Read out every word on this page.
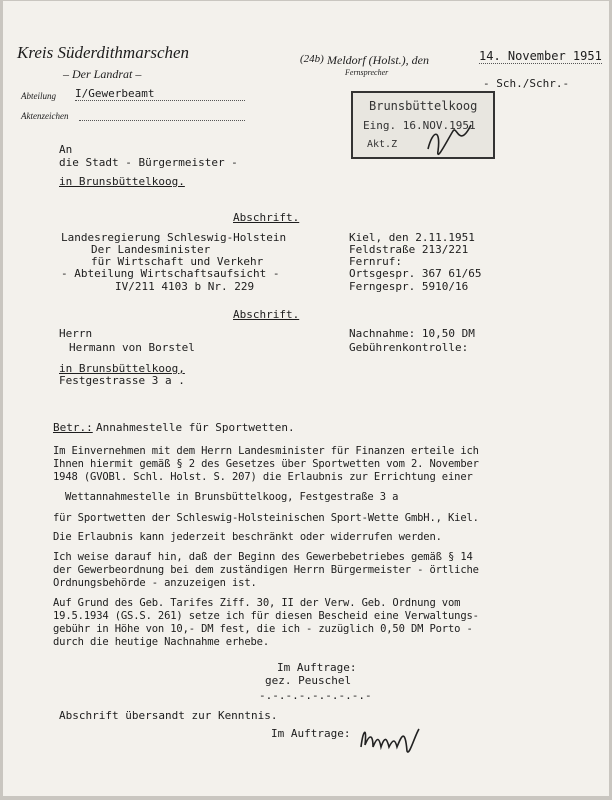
Kreis Süderdithmarschen
– Der Landrat –
Abteilung I/Gewerbeamt
Aktenzeichen
(24b) Meldorf (Holst.), den	14. November 1951
Fernsprecher
- Sch./Schr.-
Brunsbüttelkoog
Eing. 16.NOV.1951
Akt.Z
An
die Stadt - Bürgermeister -
in Brunsbüttelkoog.
Abschrift.
Landesregierung Schleswig-Holstein
Der Landesminister
für Wirtschaft und Verkehr
- Abteilung Wirtschaftsaufsicht -
IV/211 4103 b Nr. 229
Kiel, den 2.11.1951
Feldstraße 213/221
Fernruf:
Ortsgespr. 367 61/65
Ferngespr. 5910/16
Abschrift.
Herrn
Hermann von Borstel
in Brunsbüttelkoog,
Festgestrasse 3 a .
Nachnahme: 10,50 DM
Gebührenkontrolle:
Betr.: Annahmestelle für Sportwetten.
Im Einvernehmen mit dem Herrn Landesminister für Finanzen erteile ich
Ihnen hiermit gemäß § 2 des Gesetzes über Sportwetten vom 2. November
1948 (GVOBl. Schl. Holst. S. 207) die Erlaubnis zur Errichtung einer
Wettannahmestelle in Brunsbüttelkoog, Festgestraße 3 a
für Sportwetten der Schleswig-Holsteinischen Sport-Wette GmbH., Kiel.
Die Erlaubnis kann jederzeit beschränkt oder widerrufen werden.
Ich weise darauf hin, daß der Beginn des Gewerbebetriebes gemäß § 14
der Gewerbeordnung bei dem zuständigen Herrn Bürgermeister - örtliche
Ordnungsbehörde - anzuzeigen ist.
Auf Grund des Geb. Tarifes Ziff. 30, II der Verw. Geb. Ordnung vom
19.5.1934 (GS.S. 261) setze ich für diesen Bescheid eine Verwaltungs-
gebühr in Höhe von 10,- DM fest, die ich - zuzüglich 0,50 DM Porto -
durch die heutige Nachnahme erhebe.
Im Auftrage:
gez. Peuschel
-.-.-.-.-.-.-.-.-
Abschrift übersandt zur Kenntnis.
Im Auftrage:
